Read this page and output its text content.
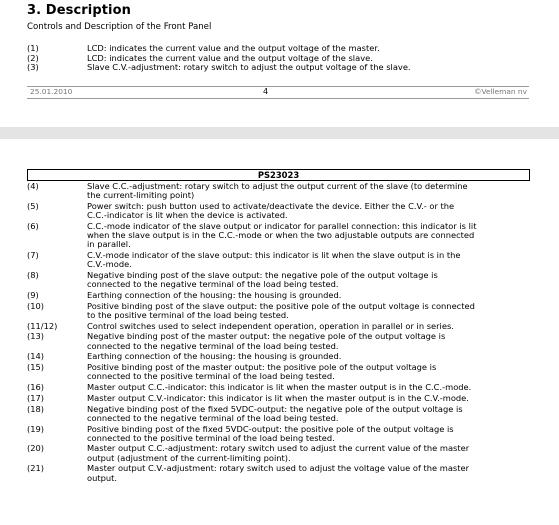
3. Description
Controls and Description of the Front Panel
(1)	LCD: indicates the current value and the output voltage of the master.
(2)	LCD: indicates the current value and the output voltage of the slave.
(3)	Slave C.V.-adjustment: rotary switch to adjust the output voltage of the slave.
25.01.2010	4	©Velleman nv
PS23023
(4)	Slave C.C.-adjustment: rotary switch to adjust the output current of the slave (to determine
the current-limiting point)
(5)	Power switch: push button used to activate/deactivate the device. Either the C.V.- or the
C.C.-indicator is lit when the device is activated.
(6)	C.C.-mode indicator of the slave output or indicator for parallel connection: this indicator is lit
when the slave output is in the C.C.-mode or when the two adjustable outputs are connected
in parallel.
(7)	C.V.-mode indicator of the slave output: this indicator is lit when the slave output is in the
C.V.-mode.
(8)	Negative binding post of the slave output: the negative pole of the output voltage is
connected to the negative terminal of the load being tested.
(9)	Earthing connection of the housing: the housing is grounded.
(10)	Positive binding post of the slave output: the positive pole of the output voltage is connected
to the positive terminal of the load being tested.
(11/12)	Control switches used to select independent operation, operation in parallel or in series.
(13)	Negative binding post of the master output: the negative pole of the output voltage is
connected to the negative terminal of the load being tested.
(14)	Earthing connection of the housing: the housing is grounded.
(15)	Positive binding post of the master output: the positive pole of the output voltage is
connected to the positive terminal of the load being tested.
(16)	Master output C.C.-indicator: this indicator is lit when the master output is in the C.C.-mode.
(17)	Master output C.V.-indicator: this indicator is lit when the master output is in the C.V.-mode.
(18)	Negative binding post of the fixed 5VDC-output: the negative pole of the output voltage is
connected to the negative terminal of the load being tested.
(19)	Positive binding post of the fixed 5VDC-output: the positive pole of the output voltage is
connected to the positive terminal of the load being tested.
(20)	Master output C.C.-adjustment: rotary switch used to adjust the current value of the master
output (adjustment of the current-limiting point).
(21)	Master output C.V.-adjustment: rotary switch used to adjust the voltage value of the master
output.
